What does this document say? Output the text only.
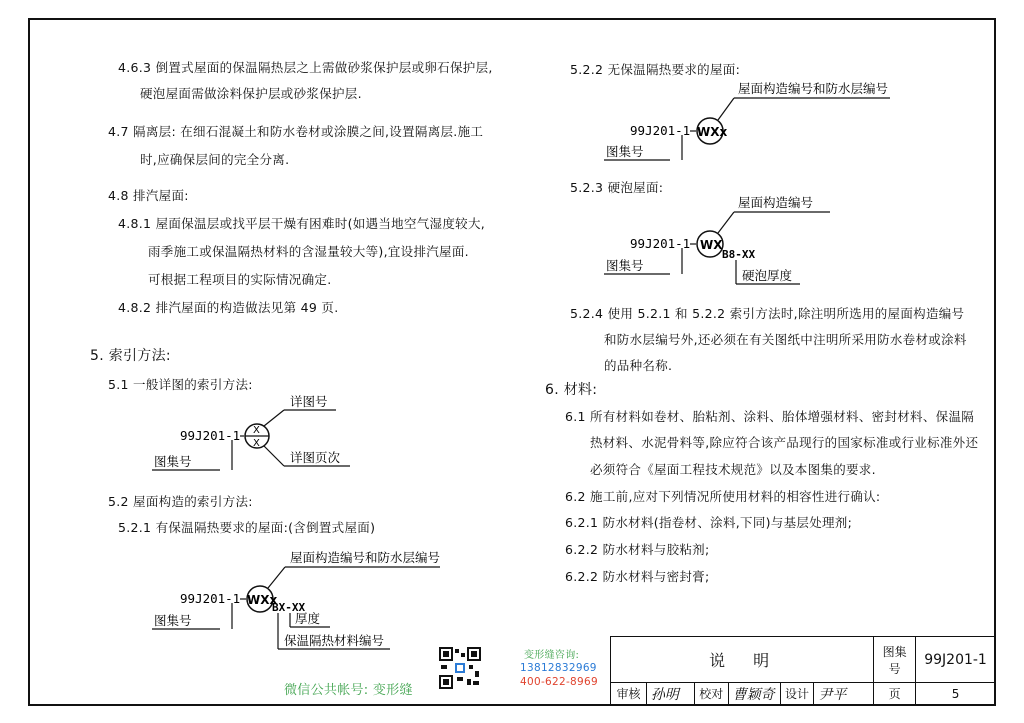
4.6.3 倒置式屋面的保温隔热层之上需做砂浆保护层或卵石保护层,
硬泡屋面需做涂料保护层或砂浆保护层.
4.7 隔离层: 在细石混凝土和防水卷材或涂膜之间,设置隔离层.施工
时,应确保层间的完全分离.
4.8 排汽屋面:
4.8.1 屋面保温层或找平层干燥有困难时(如遇当地空气湿度较大,
雨季施工或保温隔热材料的含湿量较大等),宜设排汽屋面.
可根据工程项目的实际情况确定.
4.8.2 排汽屋面的构造做法见第 49 页.
5. 索引方法:
5.1 一般详图的索引方法:
5.2 屋面构造的索引方法:
5.2.1 有保温隔热要求的屋面:(含倒置式屋面)
99J201-1 X
X
详图号
详图页次
图集号
99J201-1 WXx
屋面构造编号和防水层编号
BX-XX
厚度
保温隔热材料编号
图集号
5.2.2 无保温隔热要求的屋面:
99J201-1 WXx
屋面构造编号和防水层编号
图集号
5.2.3 硬泡屋面:
99J201-1 WX
屋面构造编号
B8-XX
硬泡厚度
图集号
5.2.4 使用 5.2.1 和 5.2.2 索引方法时,除注明所选用的屋面构造编号
和防水层编号外,还必须在有关图纸中注明所采用防水卷材或涂料
的品种名称.
6. 材料:
6.1 所有材料如卷材、胎粘剂、涂料、胎体增强材料、密封材料、保温隔
热材料、水泥骨料等,除应符合该产品现行的国家标准或行业标准外还
必须符合《屋面工程技术规范》以及本图集的要求.
6.2 施工前,应对下列情况所使用材料的相容性进行确认:
6.2.1 防水材料(指卷材、涂料,下同)与基层处理剂;
6.2.2 防水材料与胶粘剂;
6.2.2 防水材料与密封膏;
微信公共帐号: 变形缝
变形缝咨询:
13812832969
400-622-8969
说　明						图集号	99J201-1
审核	孙明	校对	曹颖奇	设计	尹平	页	5
